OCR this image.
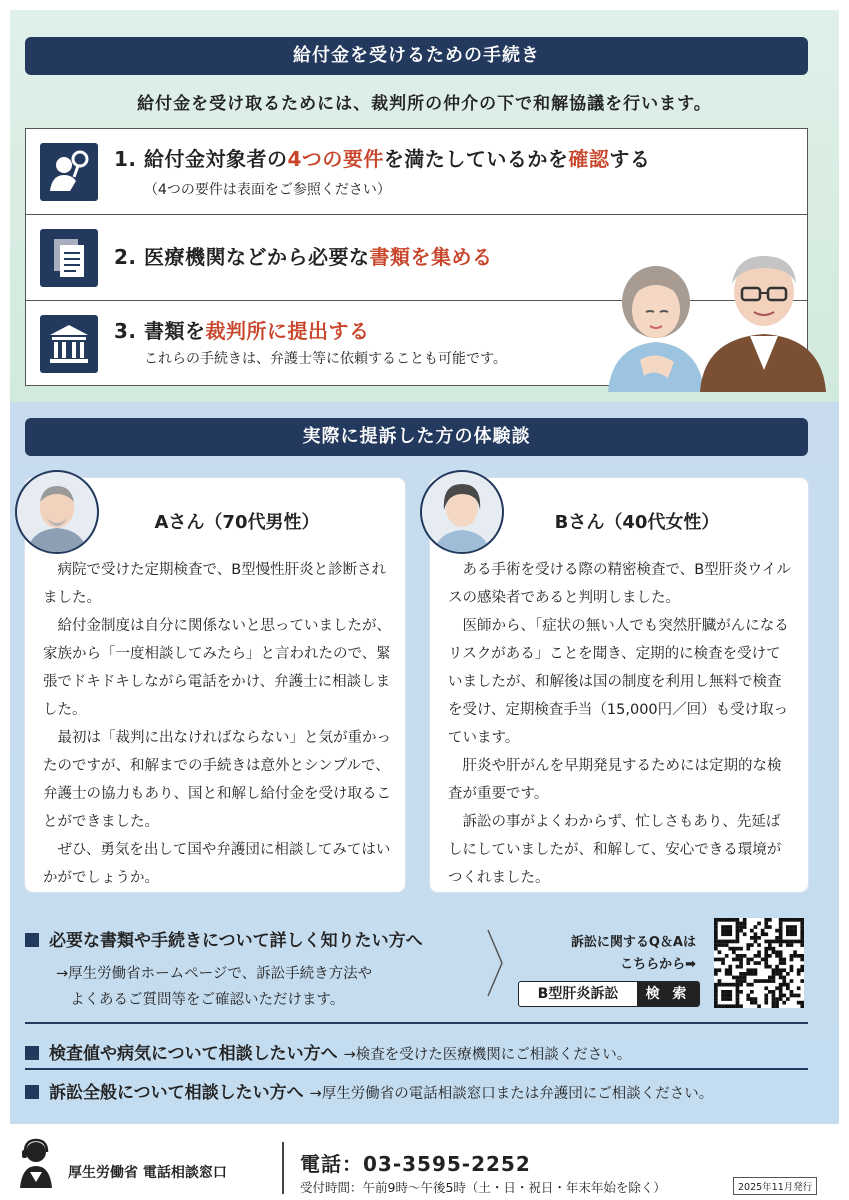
給付金を受けるための手続き
給付金を受け取るためには、裁判所の仲介の下で和解協議を行います。
1. 給付金対象者の4つの要件を満たしているかを確認する
（4つの要件は表面をご参照ください）
2. 医療機関などから必要な書類を集める
3. 書類を裁判所に提出する
これらの手続きは、弁護士等に依頼することも可能です。
実際に提訴した方の体験談
Aさん（70代男性）

病院で受けた定期検査で、B型慢性肝炎と診断されました。

給付金制度は自分に関係ないと思っていましたが、家族から「一度相談してみたら」と言われたので、緊張でドキドキしながら電話をかけ、弁護士に相談しました。

最初は「裁判に出なければならない」と気が重かったのですが、和解までの手続きは意外とシンプルで、弁護士の協力もあり、国と和解し給付金を受け取ることができました。

ぜひ、勇気を出して国や弁護団に相談してみてはいかがでしょうか。

Bさん（40代女性）

ある手術を受ける際の精密検査で、B型肝炎ウイルスの感染者であると判明しました。

医師から、「症状の無い人でも突然肝臓がんになるリスクがある」ことを聞き、定期的に検査を受けていましたが、和解後は国の制度を利用し無料で検査を受け、定期検査手当（15,000円／回）も受け取っています。

肝炎や肝がんを早期発見するためには定期的な検査が重要です。

訴訟の事がよくわからず、忙しさもあり、先延ばしにしていましたが、和解して、安心できる環境がつくれました。

必要な書類や手続きについて詳しく知りたい方へ
→厚生労働省ホームページで、訴訟手続き方法や
よくあるご質問等をご確認いただけます。
訴訟に関するQ＆Aは
こちらから➡
B型肝炎訴訟	検 索
検査値や病気について相談したい方へ →検査を受けた医療機関にご相談ください。
訴訟全般について相談したい方へ →厚生労働省の電話相談窓口または弁護団にご相談ください。
厚生労働省 電話相談窓口	電話：03-3595-2252
受付時間：午前9時～午後5時（土・日・祝日・年末年始を除く）	2025年11月発行
